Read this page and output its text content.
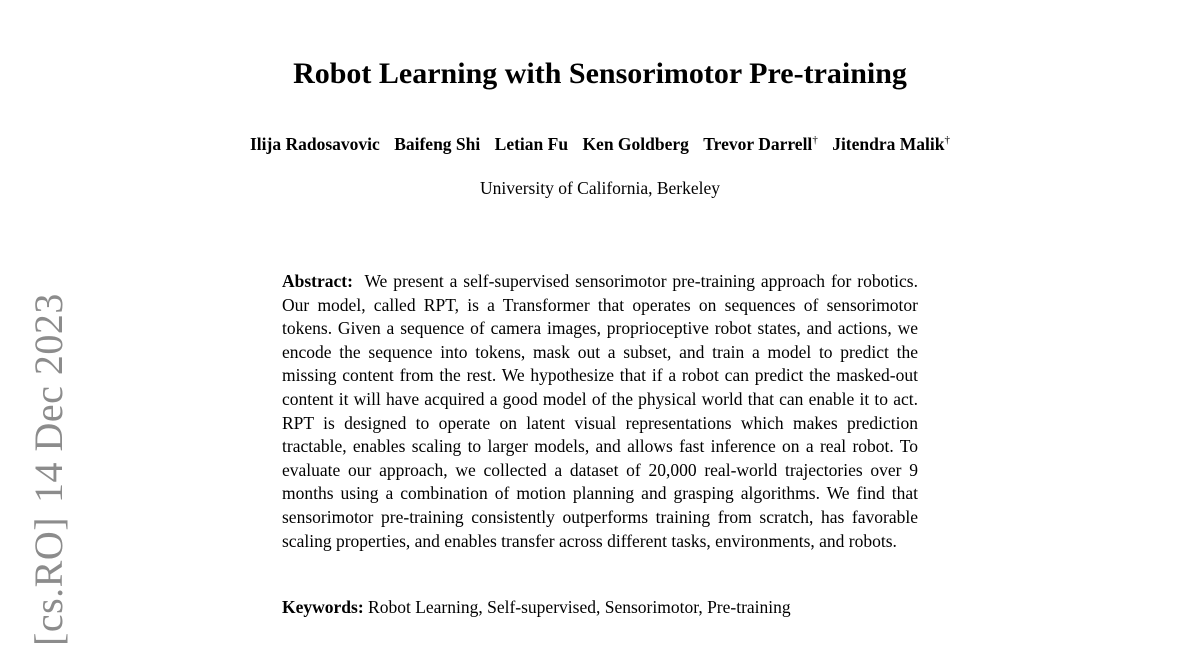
Robot Learning with Sensorimotor Pre-training
Ilija Radosavovic Baifeng Shi Letian Fu Ken Goldberg Trevor Darrell† Jitendra Malik†
University of California, Berkeley
Abstract: We present a self-supervised sensorimotor pre-training approach for robotics. Our model, called RPT, is a Transformer that operates on sequences of sensorimotor tokens. Given a sequence of camera images, proprioceptive robot states, and actions, we encode the sequence into tokens, mask out a subset, and train a model to predict the missing content from the rest. We hypothesize that if a robot can predict the masked-out content it will have acquired a good model of the physical world that can enable it to act. RPT is designed to operate on latent visual representations which makes prediction tractable, enables scaling to larger models, and allows fast inference on a real robot. To evaluate our approach, we collected a dataset of 20,000 real-world trajectories over 9 months using a combination of motion planning and grasping algorithms. We find that sensorimotor pre-training consistently outperforms training from scratch, has favorable scaling properties, and enables transfer across different tasks, environments, and robots.
Keywords: Robot Learning, Self-supervised, Sensorimotor, Pre-training
[cs.RO]14 Dec 2023
